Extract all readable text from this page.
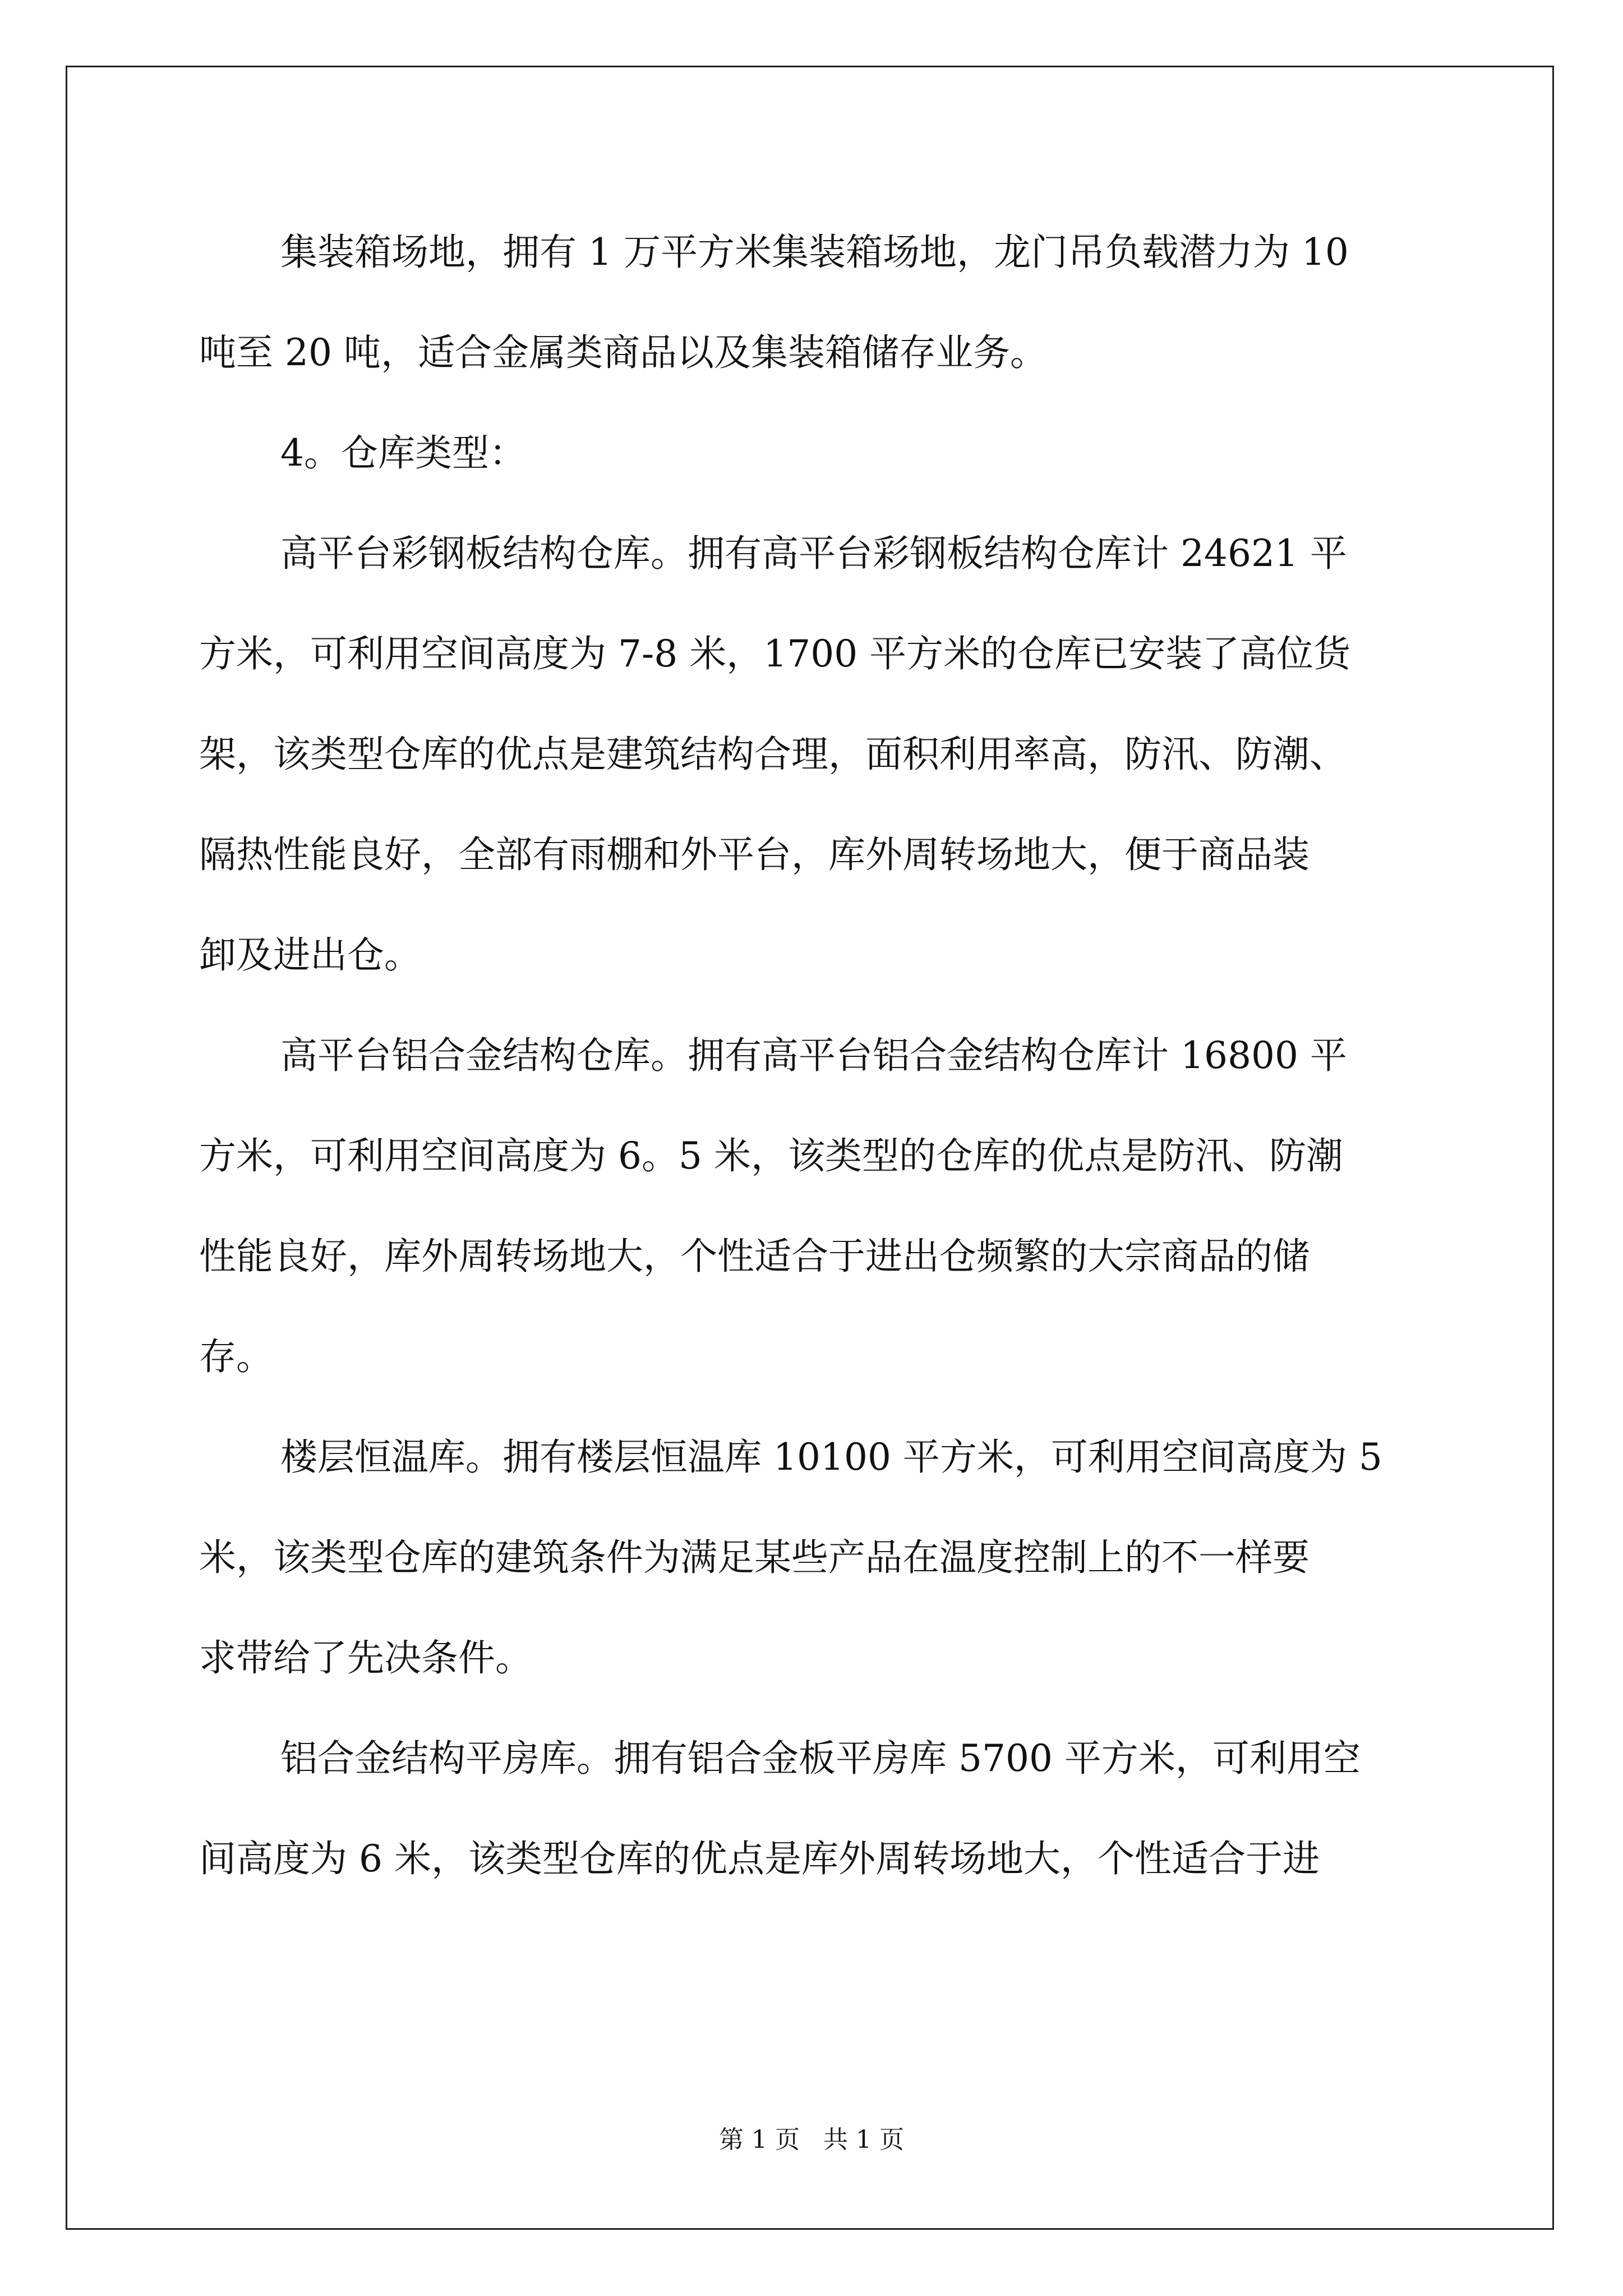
集装箱场地，拥有 1 万平方米集装箱场地，龙门吊负载潜力为 10
吨至 20 吨，适合金属类商品以及集装箱储存业务。
4。仓库类型：
高平台彩钢板结构仓库。拥有高平台彩钢板结构仓库计 24621 平
方米，可利用空间高度为 7-8 米，1700 平方米的仓库已安装了高位货
架，该类型仓库的优点是建筑结构合理，面积利用率高，防汛、防潮、
隔热性能良好，全部有雨棚和外平台，库外周转场地大，便于商品装
卸及进出仓。
高平台铝合金结构仓库。拥有高平台铝合金结构仓库计 16800 平
方米，可利用空间高度为 6。5 米，该类型的仓库的优点是防汛、防潮
性能良好，库外周转场地大，个性适合于进出仓频繁的大宗商品的储
存。
楼层恒温库。拥有楼层恒温库 10100 平方米，可利用空间高度为 5
米，该类型仓库的建筑条件为满足某些产品在温度控制上的不一样要
求带给了先决条件。
铝合金结构平房库。拥有铝合金板平房库 5700 平方米，可利用空
间高度为 6 米，该类型仓库的优点是库外周转场地大，个性适合于进
第 1 页   共 1 页
